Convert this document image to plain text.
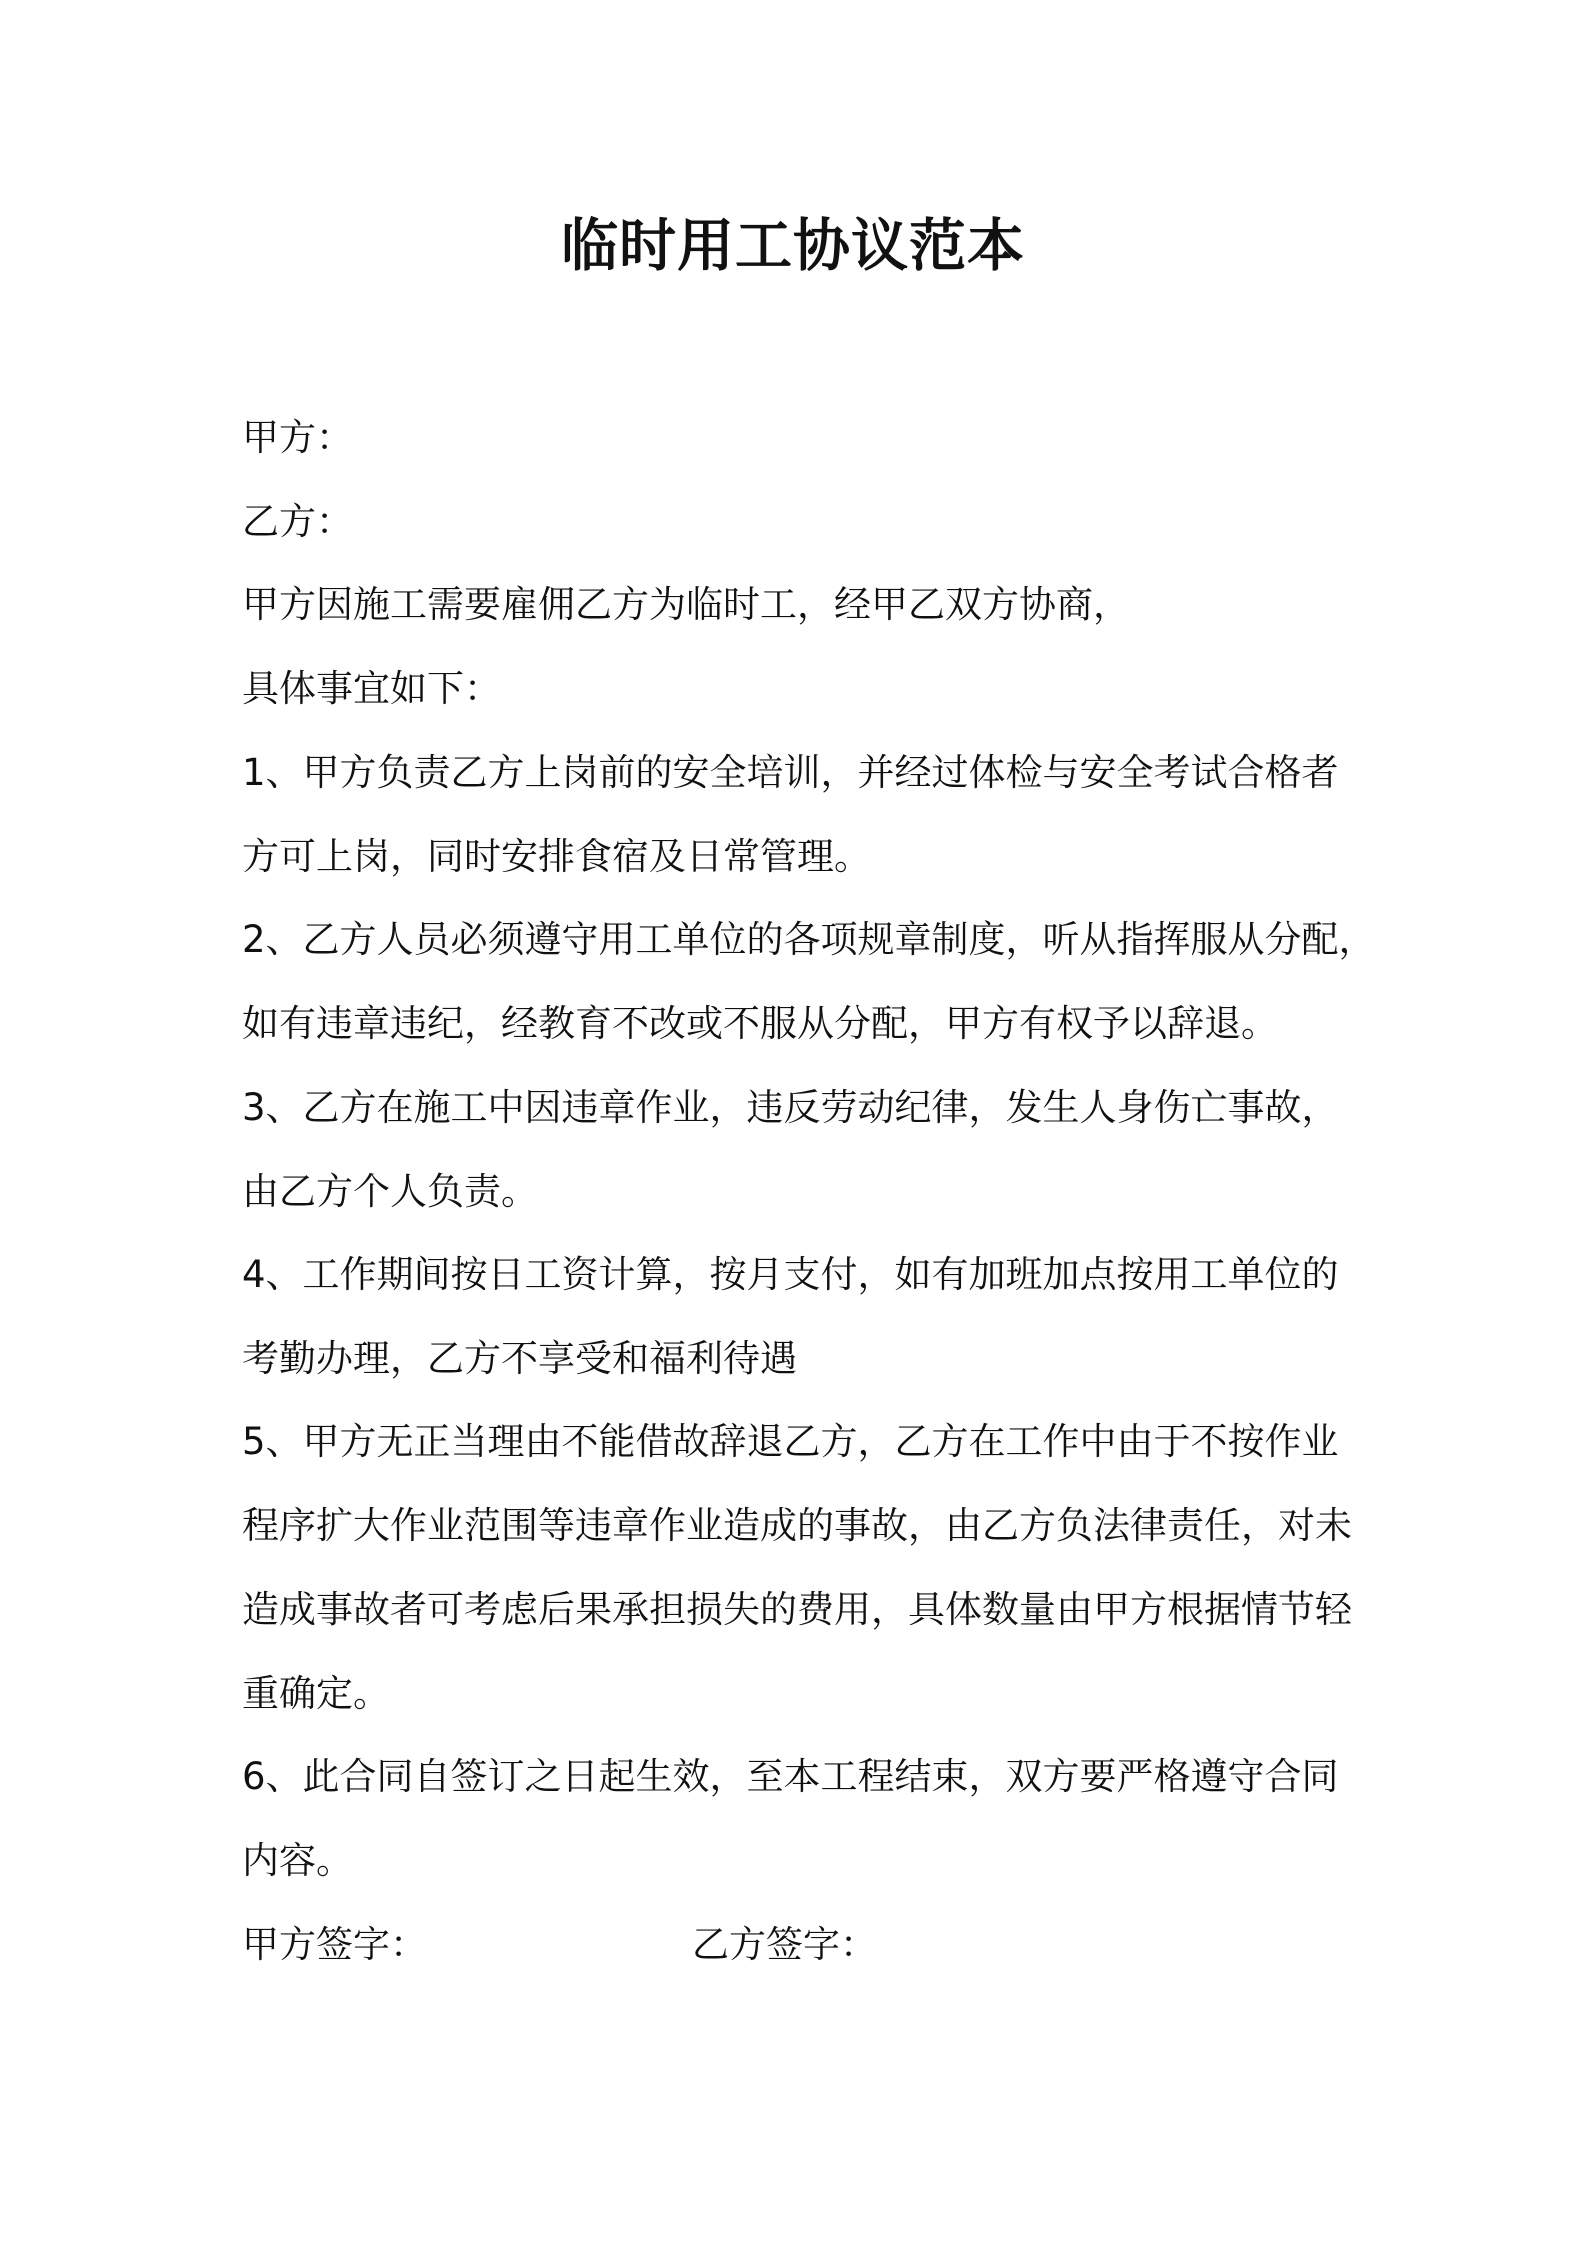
临时用工协议范本
甲方：
乙方：
甲方因施工需要雇佣乙方为临时工，经甲乙双方协商，
具体事宜如下：
1、甲方负责乙方上岗前的安全培训，并经过体检与安全考试合格者
方可上岗，同时安排食宿及日常管理。
2、乙方人员必须遵守用工单位的各项规章制度，听从指挥服从分配，
如有违章违纪，经教育不改或不服从分配，甲方有权予以辞退。
3、乙方在施工中因违章作业，违反劳动纪律，发生人身伤亡事故，
由乙方个人负责。
4、工作期间按日工资计算，按月支付，如有加班加点按用工单位的
考勤办理，乙方不享受和福利待遇
5、甲方无正当理由不能借故辞退乙方，乙方在工作中由于不按作业
程序扩大作业范围等违章作业造成的事故，由乙方负法律责任，对未
造成事故者可考虑后果承担损失的费用，具体数量由甲方根据情节轻
重确定。
6、此合同自签订之日起生效，至本工程结束，双方要严格遵守合同
内容。
甲方签字：	乙方签字：
